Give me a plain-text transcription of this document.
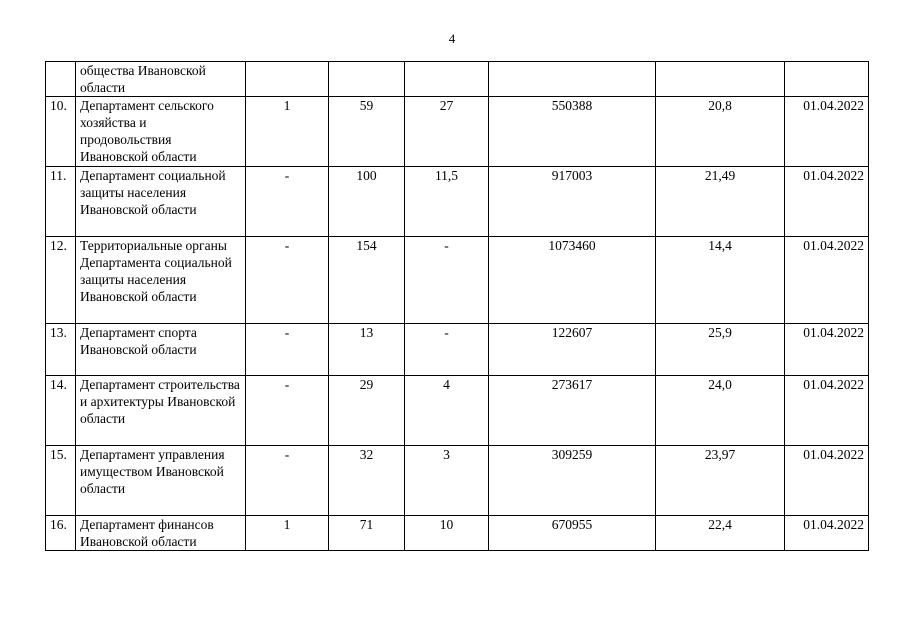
4
	общества Ивановской области						
10.	Департамент сельского хозяйства и продовольствия Ивановской области	1	59	27	550388	20,8	01.04.2022
11.	Департамент социальной защиты населения Ивановской области	-	100	11,5	917003	21,49	01.04.2022
12.	Территориальные органы Департамента социальной защиты населения Ивановской области	-	154	-	1073460	14,4	01.04.2022
13.	Департамент спорта Ивановской области	-	13	-	122607	25,9	01.04.2022
14.	Департамент строительства и архитектуры Ивановской области	-	29	4	273617	24,0	01.04.2022
15.	Департамент управления имуществом Ивановской области	-	32	3	309259	23,97	01.04.2022
16.	Департамент финансов Ивановской области	1	71	10	670955	22,4	01.04.2022
